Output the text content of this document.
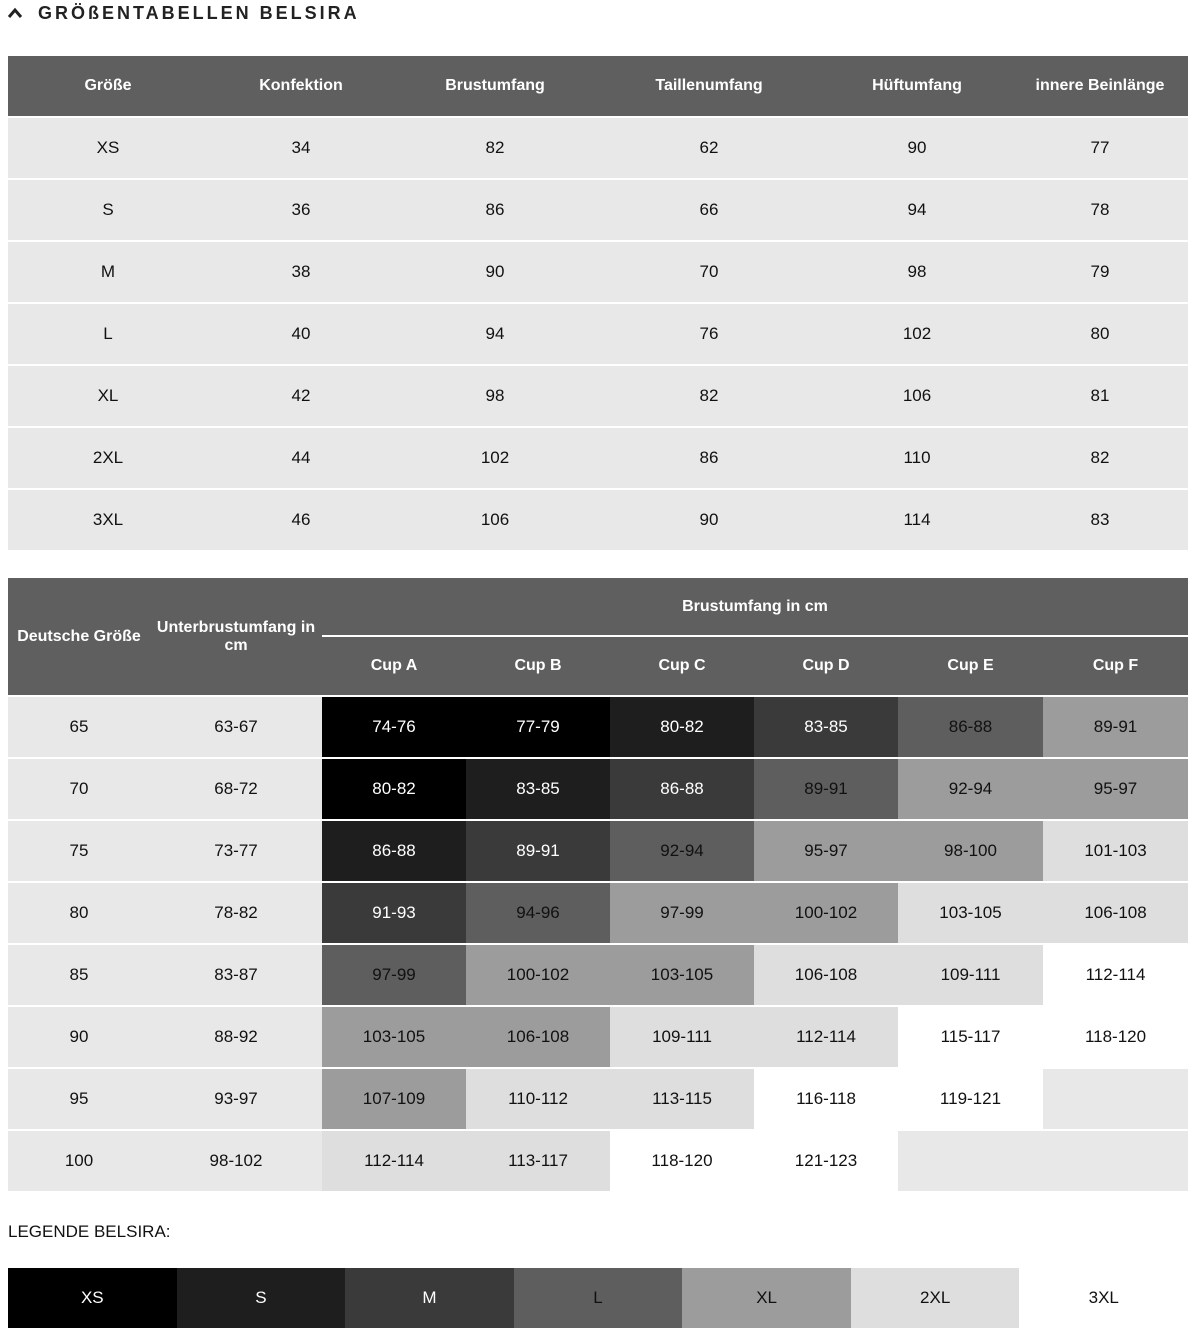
GRÖßENTABELLEN BELSIRA
Größe	Konfektion	Brustumfang	Taillenumfang	Hüftumfang	innere Beinlänge
XS	34	82	62	90	77
S	36	86	66	94	78
M	38	90	70	98	79
L	40	94	76	102	80
XL	42	98	82	106	81
2XL	44	102	86	110	82
3XL	46	106	90	114	83
Deutsche Größe	Unterbrustumfang in cm	Brustumfang in cm					
		Cup A	Cup B	Cup C	Cup D	Cup E	Cup F
65	63-67	74-76	77-79	80-82	83-85	86-88	89-91
70	68-72	80-82	83-85	86-88	89-91	92-94	95-97
75	73-77	86-88	89-91	92-94	95-97	98-100	101-103
80	78-82	91-93	94-96	97-99	100-102	103-105	106-108
85	83-87	97-99	100-102	103-105	106-108	109-111	112-114
90	88-92	103-105	106-108	109-111	112-114	115-117	118-120
95	93-97	107-109	110-112	113-115	116-118	119-121	
100	98-102	112-114	113-117	118-120	121-123		
LEGENDE BELSIRA:
XS	S	M	L	XL	2XL	3XL
